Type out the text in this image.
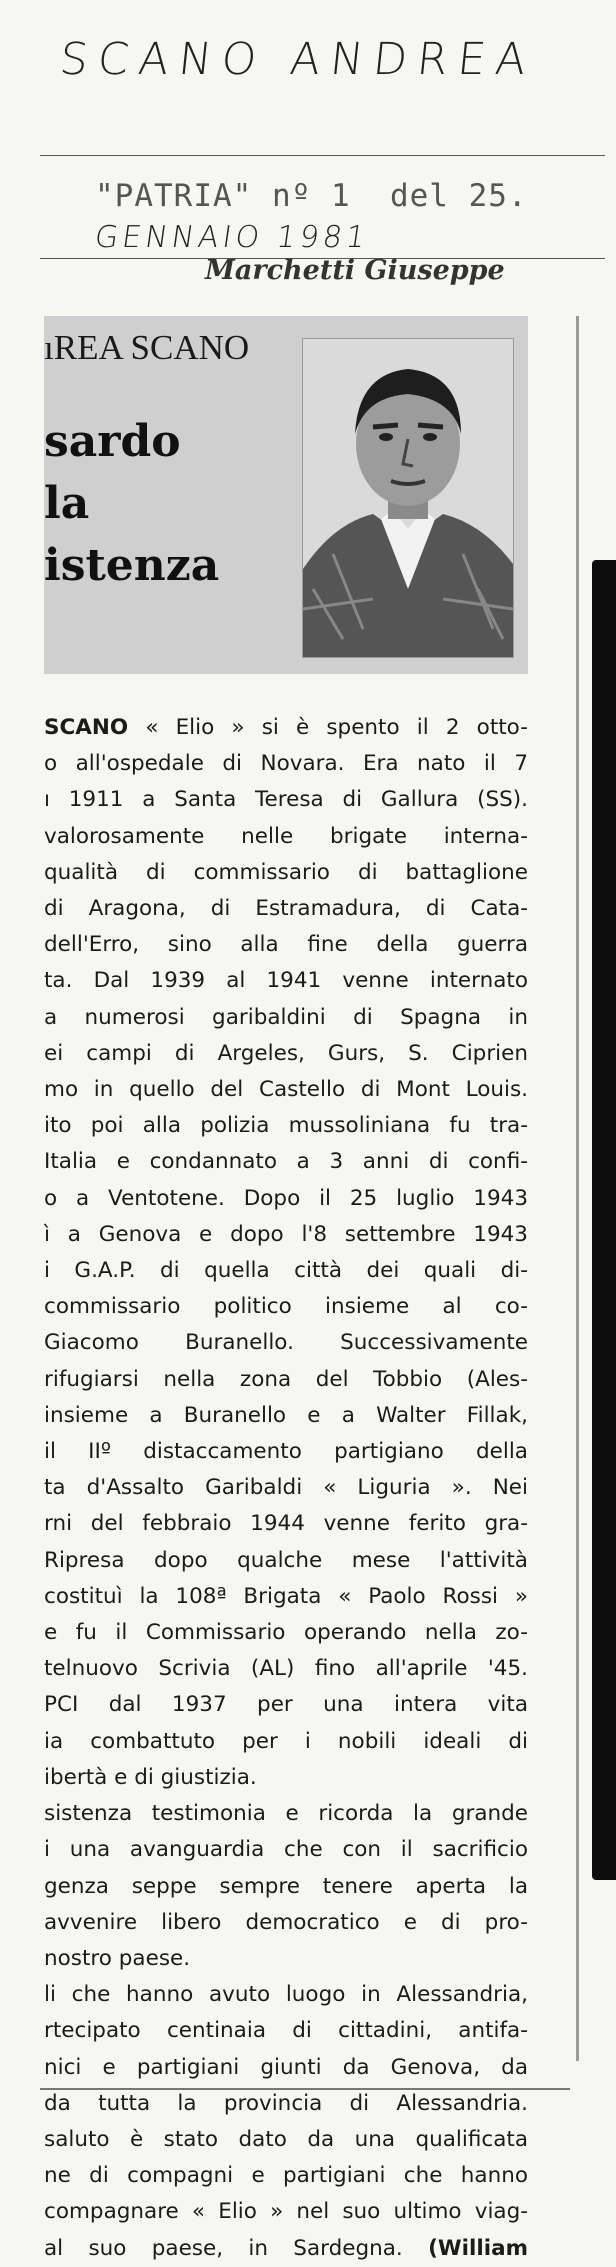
SCANO ANDREA
"PATRIA" nº 1  del 25.
GENNAIO 1981
Marchetti Giuseppe
ıREA SCANO
sardo
la
istenza
SCANO « Elio » si è spento il 2 otto-
o all'ospedale di Novara. Era nato il 7
ı 1911 a Santa Teresa di Gallura (SS).
valorosamente nelle brigate interna-
qualità di commissario di battaglione
di Aragona, di Estramadura, di Cata-
dell'Erro, sino alla fine della guerra
ta. Dal 1939 al 1941 venne internato
a numerosi garibaldini di Spagna in
ei campi di Argeles, Gurs, S. Ciprien
mo in quello del Castello di Mont Louis.
ito poi alla polizia mussoliniana fu tra-
Italia e condannato a 3 anni di confi-
o a Ventotene. Dopo il 25 luglio 1943
ì a Genova e dopo l'8 settembre 1943
i G.A.P. di quella città dei quali di-
commissario politico insieme al co-
Giacomo Buranello. Successivamente
rifugiarsi nella zona del Tobbio (Ales-
insieme a Buranello e a Walter Fillak,
il IIº distaccamento partigiano della
ta d'Assalto Garibaldi « Liguria ». Nei
rni del febbraio 1944 venne ferito gra-
Ripresa dopo qualche mese l'attività
costituì la 108ª Brigata « Paolo Rossi »
e fu il Commissario operando nella zo-
telnuovo Scrivia (AL) fino all'aprile '45.
PCI dal 1937 per una intera vita
ia combattuto per i nobili ideali di
ibertà e di giustizia.
sistenza testimonia e ricorda la grande
i una avanguardia che con il sacrificio
genza seppe sempre tenere aperta la
avvenire libero democratico e di pro-
nostro paese.
li che hanno avuto luogo in Alessandria,
rtecipato centinaia di cittadini, antifa-
nici e partigiani giunti da Genova, da
da tutta la provincia di Alessandria.
saluto è stato dato da una qualificata
ne di compagni e partigiani che hanno
compagnare « Elio » nel suo ultimo viag-
al suo paese, in Sardegna. (William
